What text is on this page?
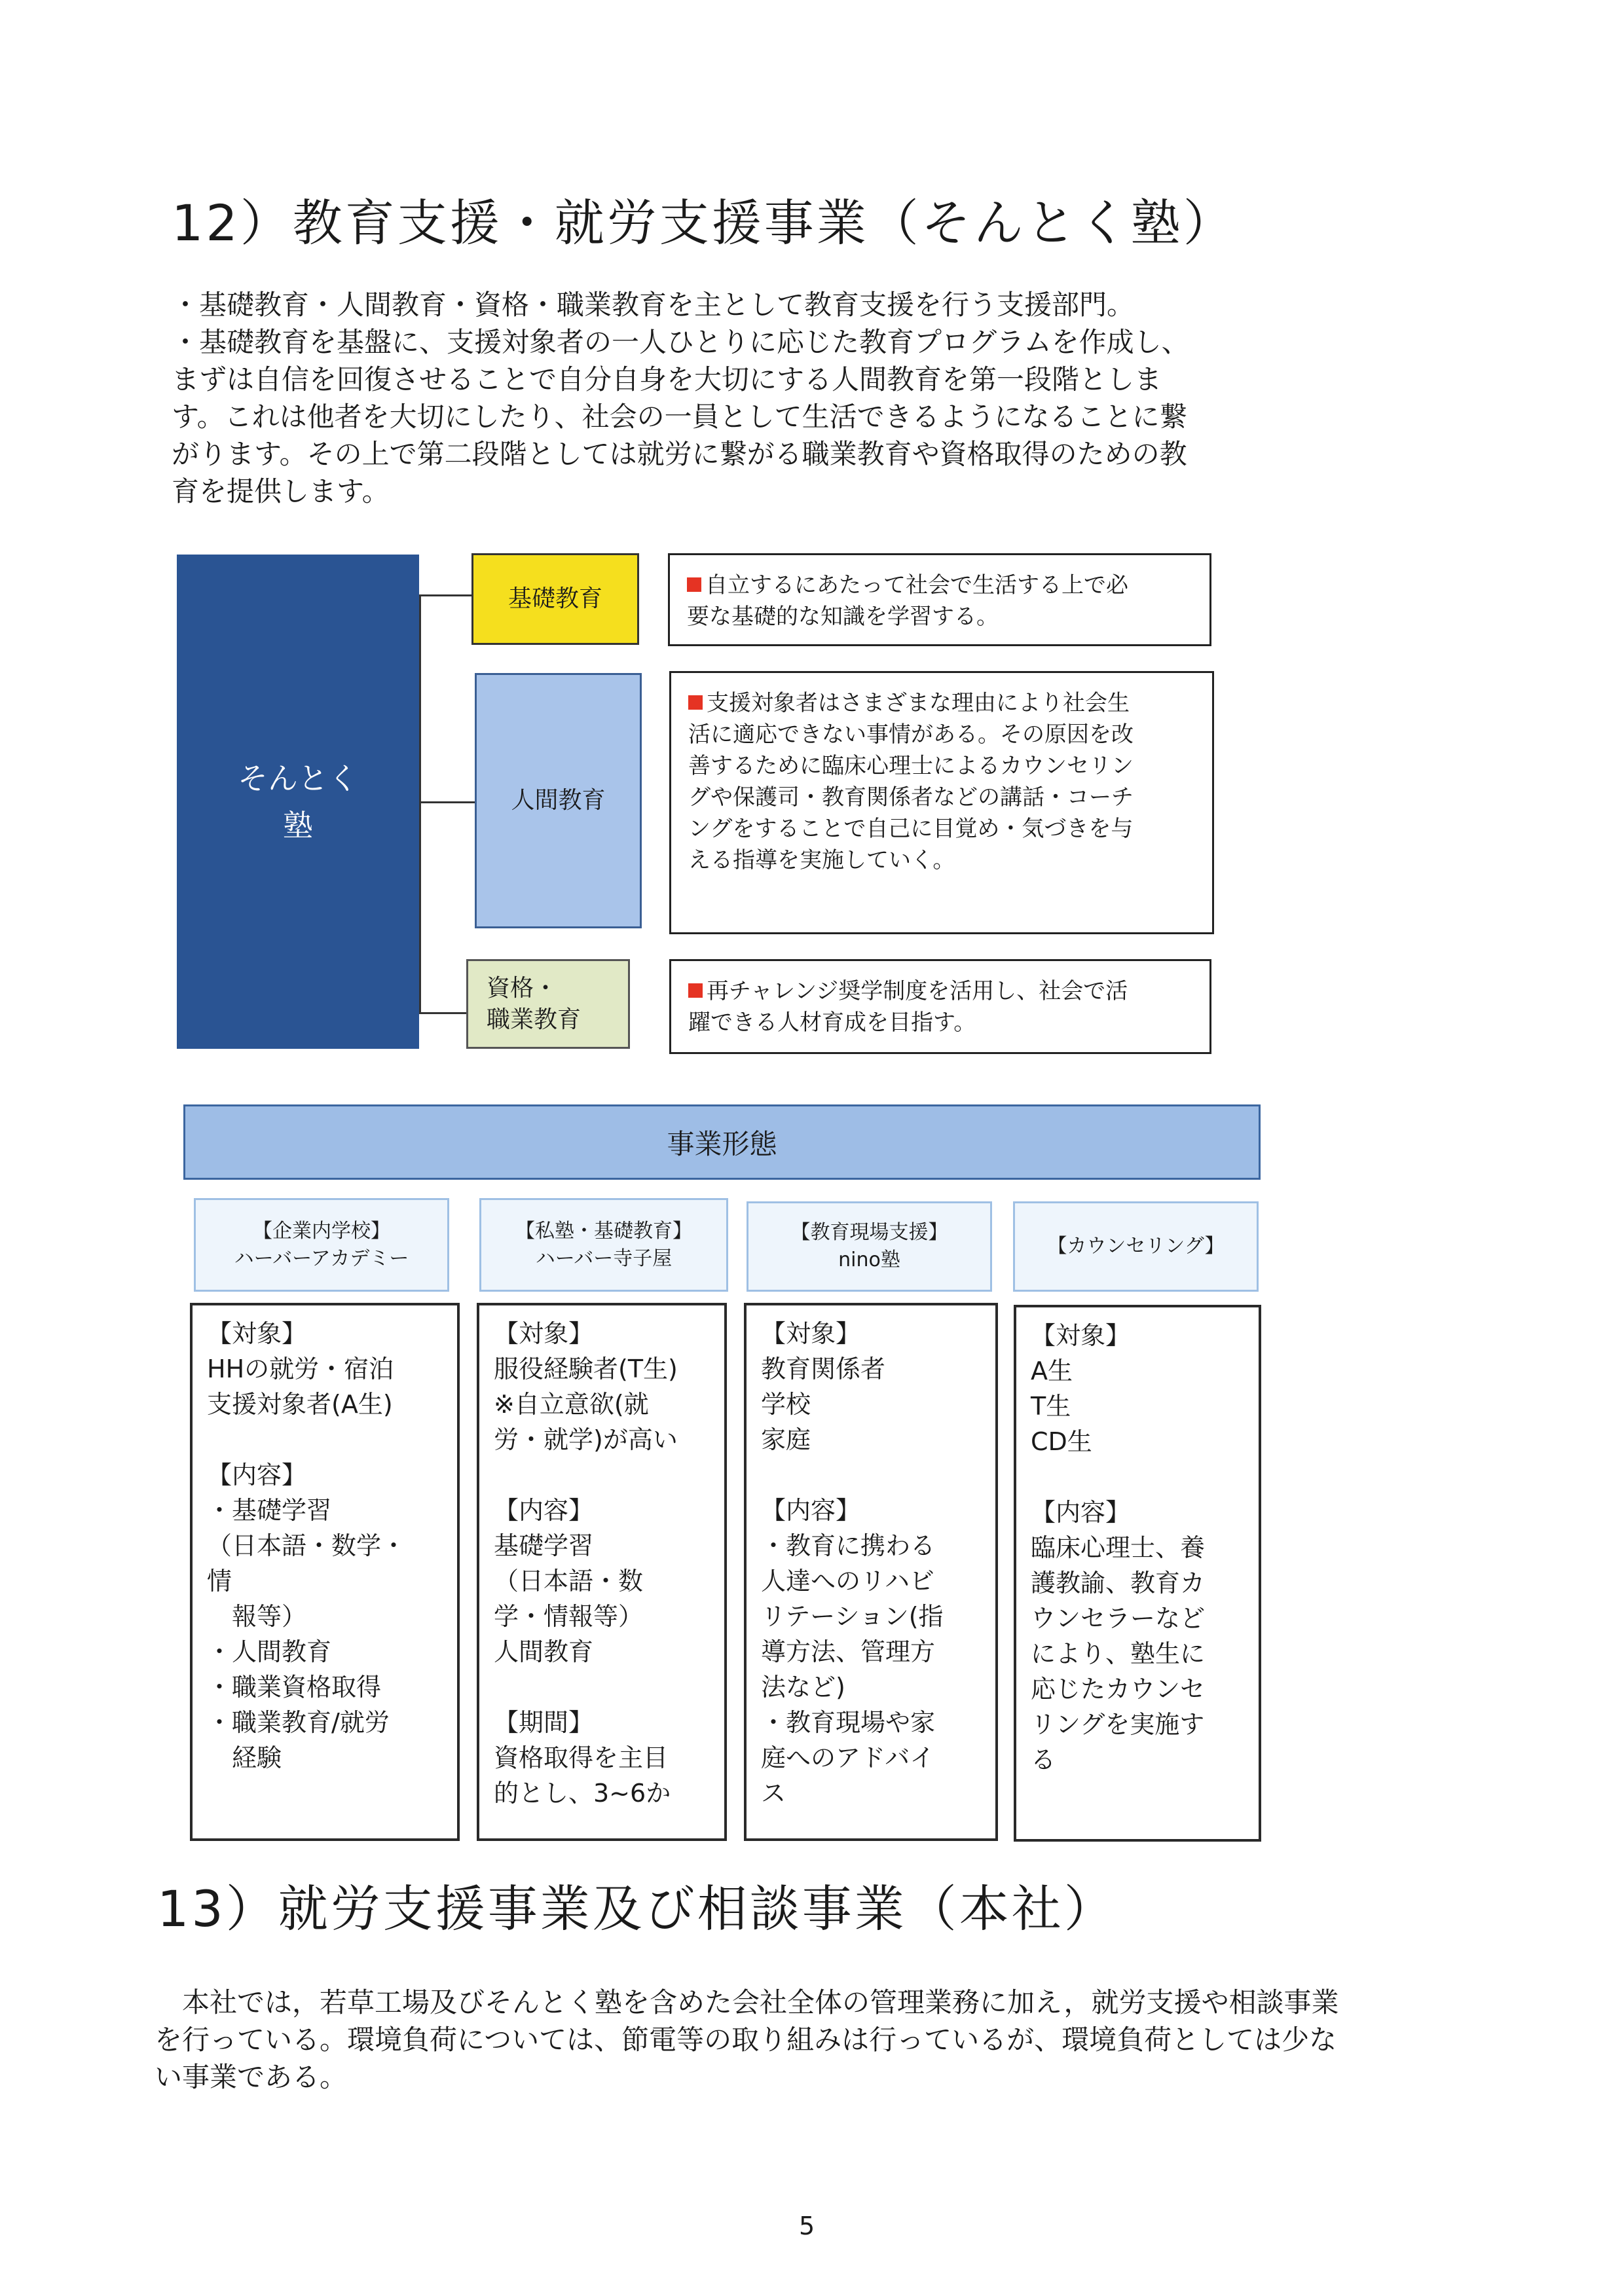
12）教育支援・就労支援事業（そんとく塾）
・基礎教育・人間教育・資格・職業教育を主として教育支援を行う支援部門。
・基礎教育を基盤に、支援対象者の一人ひとりに応じた教育プログラムを作成し、
まずは自信を回復させることで自分自身を大切にする人間教育を第一段階としま
す。これは他者を大切にしたり、社会の一員として生活できるようになることに繋
がります。その上で第二段階としては就労に繋がる職業教育や資格取得のための教
育を提供します。
そんとく
塾
基礎教育
人間教育
資格・
職業教育
自立するにあたって社会で生活する上で必
要な基礎的な知識を学習する。
支援対象者はさまざまな理由により社会生
活に適応できない事情がある。その原因を改
善するために臨床心理士によるカウンセリン
グや保護司・教育関係者などの講話・コーチ
ングをすることで自己に目覚め・気づきを与
える指導を実施していく。
再チャレンジ奨学制度を活用し、社会で活
躍できる人材育成を目指す。
事業形態
【企業内学校】
ハーバーアカデミー
【私塾・基礎教育】
ハーバー寺子屋
【教育現場支援】
nino塾
【カウンセリング】
【対象】
HHの就労・宿泊
支援対象者(A生)
【内容】
・基礎学習
（日本語・数学・
情
　報等）
・人間教育
・職業資格取得
・職業教育/就労
　経験
【対象】
服役経験者(T生)
※自立意欲(就
労・就学)が高い
【内容】
基礎学習
（日本語・数
学・情報等）
人間教育
【期間】
資格取得を主目
的とし、3~6か
【対象】
教育関係者
学校
家庭
【内容】
・教育に携わる
人達へのリハビ
リテーション(指
導方法、管理方
法など)
・教育現場や家
庭へのアドバイ
ス
【対象】
A生
T生
CD生
【内容】
臨床心理士、養
護教諭、教育カ
ウンセラーなど
により、塾生に
応じたカウンセ
リングを実施す
る
13）就労支援事業及び相談事業（本社）
　本社では，若草工場及びそんとく塾を含めた会社全体の管理業務に加え，就労支援や相談事業
を行っている。環境負荷については、節電等の取り組みは行っているが、環境負荷としては少な
い事業である。
5
